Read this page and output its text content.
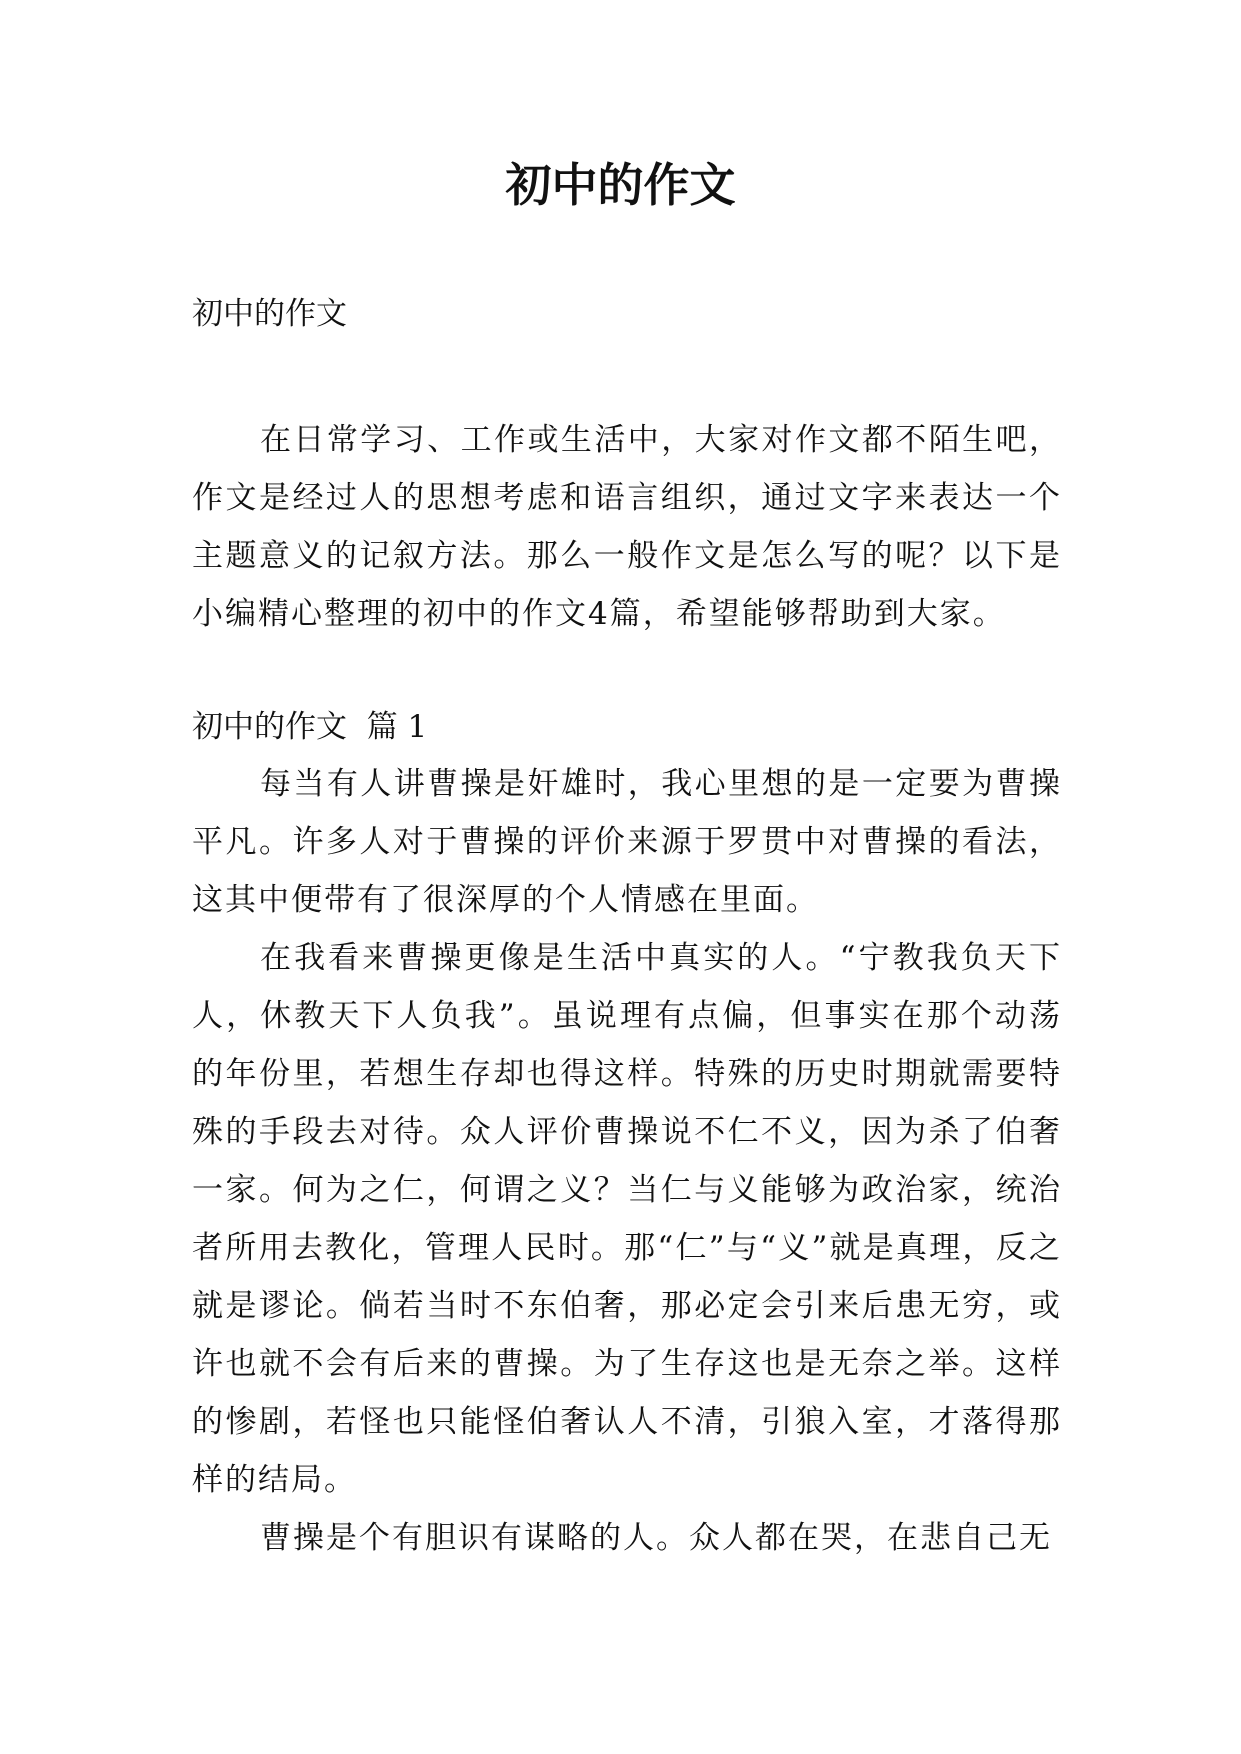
初中的作文
初中的作文

在日常学习、工作或生活中，大家对作文都不陌生吧，作文是经过人的思想考虑和语言组织，通过文字来表达一个主题意义的记叙方法。那么一般作文是怎么写的呢？以下是小编精心整理的初中的作文4篇，希望能够帮助到大家。

初中的作文  篇 1

每当有人讲曹操是奸雄时，我心里想的是一定要为曹操平凡。许多人对于曹操的评价来源于罗贯中对曹操的看法，这其中便带有了很深厚的个人情感在里面。

在我看来曹操更像是生活中真实的人。“宁教我负天下人，休教天下人负我”。虽说理有点偏，但事实在那个动荡的年份里，若想生存却也得这样。特殊的历史时期就需要特殊的手段去对待。众人评价曹操说不仁不义，因为杀了伯奢一家。何为之仁，何谓之义？当仁与义能够为政治家，统治者所用去教化，管理人民时。那“仁”与“义”就是真理，反之就是谬论。倘若当时不东伯奢，那必定会引来后患无穷，或许也就不会有后来的曹操。为了生存这也是无奈之举。这样的惨剧，若怪也只能怪伯奢认人不清，引狼入室，才落得那样的结局。

曹操是个有胆识有谋略的人。众人都在哭，在悲自己无
